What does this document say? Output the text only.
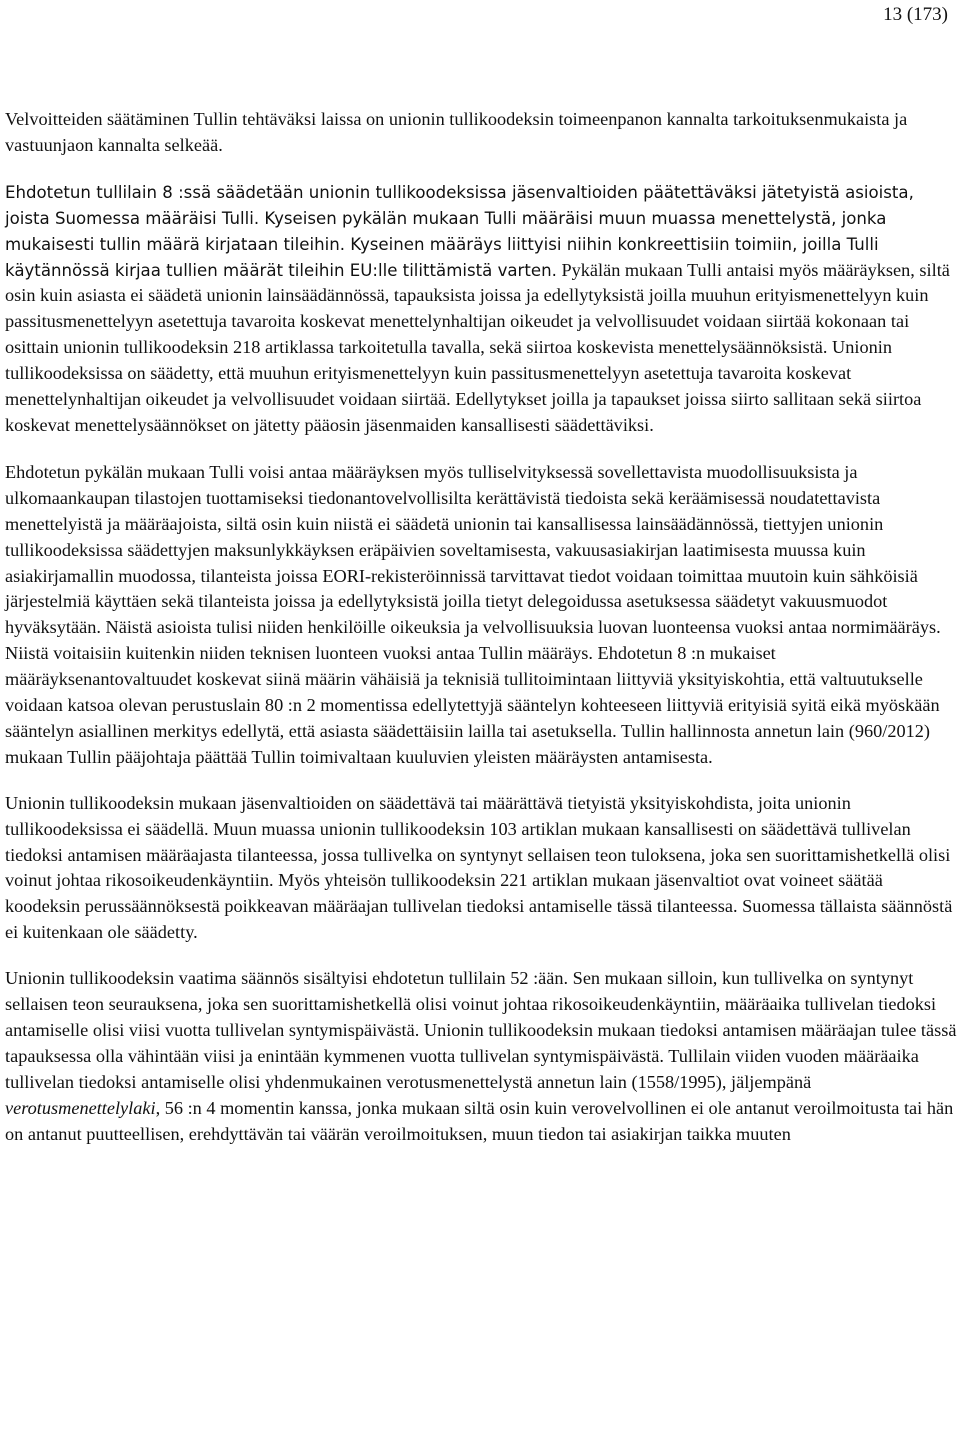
13 (173)

Velvoitteiden säätäminen Tullin tehtäväksi laissa on unionin tullikoodeksin toimeenpanon kannalta tarkoituksenmukaista ja vastuunjaon kannalta selkeää.

Ehdotetun tullilain 8 :ssä säädetään unionin tullikoodeksissa jäsenvaltioiden päätettäväksi jätetyistä asioista, joista Suomessa määräisi Tulli. Kyseisen pykälän mukaan Tulli määräisi muun muassa menettelystä, jonka mukaisesti tullin määrä kirjataan tileihin. Kyseinen määräys liittyisi niihin konkreettisiin toimiin, joilla Tulli käytännössä kirjaa tullien määrät tileihin EU:lle tilittämistä varten. Pykälän mukaan Tulli antaisi myös määräyksen, siltä osin kuin asiasta ei säädetä unionin lainsäädännössä, tapauksista joissa ja edellytyksistä joilla muuhun erityismenettelyyn kuin passitusmenettelyyn asetettuja tavaroita koskevat menettelynhaltijan oikeudet ja velvollisuudet voidaan siirtää kokonaan tai osittain unionin tullikoodeksin 218 artiklassa tarkoitetulla tavalla, sekä siirtoa koskevista menettelysäännöksistä. Unionin tullikoodeksissa on säädetty, että muuhun erityismenettelyyn kuin passitusmenettelyyn asetettuja tavaroita koskevat menettelynhaltijan oikeudet ja velvollisuudet voidaan siirtää. Edellytykset joilla ja tapaukset joissa siirto sallitaan sekä siirtoa koskevat menettelysäännökset on jätetty pääosin jäsenmaiden kansallisesti säädettäviksi.

Ehdotetun pykälän mukaan Tulli voisi antaa määräyksen myös tulliselvityksessä sovellettavista muodollisuuksista ja ulkomaankaupan tilastojen tuottamiseksi tiedonantovelvollisilta kerättävistä tiedoista sekä keräämisessä noudatettavista menettelyistä ja määräajoista, siltä osin kuin niistä ei säädetä unionin tai kansallisessa lainsäädännössä, tiettyjen unionin tullikoodeksissa säädettyjen maksunlykkäyksen eräpäivien soveltamisesta, vakuusasiakirjan laatimisesta muussa kuin asiakirjamallin muodossa, tilanteista joissa EORI-rekisteröinnissä tarvittavat tiedot voidaan toimittaa muutoin kuin sähköisiä järjestelmiä käyttäen sekä tilanteista joissa ja edellytyksistä joilla tietyt delegoidussa asetuksessa säädetyt vakuusmuodot hyväksytään. Näistä asioista tulisi niiden henkilöille oikeuksia ja velvollisuuksia luovan luonteensa vuoksi antaa normimääräys. Niistä voitaisiin kuitenkin niiden teknisen luonteen vuoksi antaa Tullin määräys. Ehdotetun 8 :n mukaiset määräyksenantovaltuudet koskevat siinä määrin vähäisiä ja teknisiä tullitoimintaan liittyviä yksityiskohtia, että valtuutukselle voidaan katsoa olevan perustuslain 80 :n 2 momentissa edellytettyjä sääntelyn kohteeseen liittyviä erityisiä syitä eikä myöskään sääntelyn asiallinen merkitys edellytä, että asiasta säädettäisiin lailla tai asetuksella. Tullin hallinnosta annetun lain (960/2012) mukaan Tullin pääjohtaja päättää Tullin toimivaltaan kuuluvien yleisten määräysten antamisesta.

Unionin tullikoodeksin mukaan jäsenvaltioiden on säädettävä tai määrättävä tietyistä yksityiskohdista, joita unionin tullikoodeksissa ei säädellä. Muun muassa unionin tullikoodeksin 103 artiklan mukaan kansallisesti on säädettävä tullivelan tiedoksi antamisen määräajasta tilanteessa, jossa tullivelka on syntynyt sellaisen teon tuloksena, joka sen suorittamishetkellä olisi voinut johtaa rikosoikeudenkäyntiin. Myös yhteisön tullikoodeksin 221 artiklan mukaan jäsenvaltiot ovat voineet säätää koodeksin perussäännöksestä poikkeavan määräajan tullivelan tiedoksi antamiselle tässä tilanteessa. Suomessa tällaista säännöstä ei kuitenkaan ole säädetty.

Unionin tullikoodeksin vaatima säännös sisältyisi ehdotetun tullilain 52 :ään. Sen mukaan silloin, kun tullivelka on syntynyt sellaisen teon seurauksena, joka sen suorittamishetkellä olisi voinut johtaa rikosoikeudenkäyntiin, määräaika tullivelan tiedoksi antamiselle olisi viisi vuotta tullivelan syntymispäivästä. Unionin tullikoodeksin mukaan tiedoksi antamisen määräajan tulee tässä tapauksessa olla vähintään viisi ja enintään kymmenen vuotta tullivelan syntymispäivästä. Tullilain viiden vuoden määräaika tullivelan tiedoksi antamiselle olisi yhdenmukainen verotusmenettelystä annetun lain (1558/1995), jäljempänä verotusmenettelylaki, 56 :n 4 momentin kanssa, jonka mukaan siltä osin kuin verovelvollinen ei ole antanut veroilmoitusta tai hän on antanut puutteellisen, erehdyttävän tai väärän veroilmoituksen, muun tiedon tai asiakirjan taikka muuten
